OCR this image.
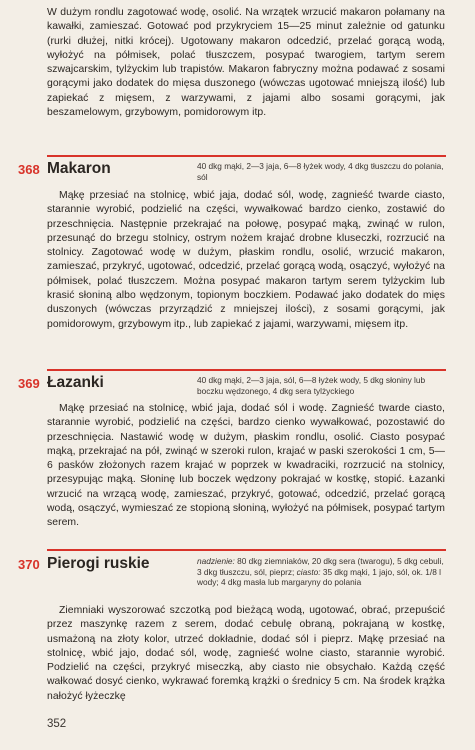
W dużym rondlu zagotować wodę, osolić. Na wrzątek wrzucić makaron połamany na kawałki, zamieszać. Gotować pod przykryciem 15—25 minut zależnie od gatunku (rurki dłużej, nitki krócej). Ugotowany makaron odcedzić, przelać gorącą wodą, wyłożyć na półmisek, polać tłuszczem, posypać twarogiem, tartym serem szwajcarskim, tylżyckim lub trapistów. Makaron fabryczny można podawać z sosami gorącymi jako dodatek do mięsa duszonego (wówczas ugotować mniejszą ilość) lub zapiekać z mięsem, z warzywami, z jajami albo sosami gorącymi, jak beszamelowym, grzybowym, pomidorowym itp.

368 Makaron	40 dkg mąki, 2—3 jaja, 6—8 łyżek wody, 4 dkg tłuszczu do polania, sól

Mąkę przesiać na stolnicę, wbić jaja, dodać sól, wodę, zagnieść twarde ciasto, starannie wyrobić, podzielić na części, wywałkować bardzo cienko, zostawić do przeschnięcia. Następnie przekrajać na połowę, posypać mąką, zwinąć w rulon, przesunąć do brzegu stolnicy, ostrym nożem krajać drobne kluseczki, rozrzucić na stolnicy. Zagotować wodę w dużym, płaskim rondlu, osolić, wrzucić makaron, zamieszać, przykryć, ugotować, odcedzić, przelać gorącą wodą, osączyć, wyłożyć na półmisek, polać tłuszczem. Można posypać makaron tartym serem tylżyckim lub krasić słoniną albo wędzonym, topionym boczkiem. Podawać jako dodatek do mięs duszonych (wówczas przyrządzić z mniejszej ilości), z sosami gorącymi, jak pomidorowym, grzybowym itp., lub zapiekać z jajami, warzywami, mięsem itp.

369 Łazanki	40 dkg mąki, 2—3 jaja, sól, 6—8 łyżek wody, 5 dkg słoniny lub boczku wędzonego, 4 dkg sera tylżyckiego

Mąkę przesiać na stolnicę, wbić jaja, dodać sól i wodę. Zagnieść twarde ciasto, starannie wyrobić, podzielić na części, bardzo cienko wywałkować, pozostawić do przeschnięcia. Nastawić wodę w dużym, płaskim rondlu, osolić. Ciasto posypać mąką, przekrajać na pół, zwinąć w szeroki rulon, krajać w paski szerokości 1 cm, 5—6 pasków złożonych razem krajać w poprzek w kwadraciki, rozrzucić na stolnicy, przesypując mąką. Słoninę lub boczek wędzony pokrajać w kostkę, stopić. Łazanki wrzucić na wrzącą wodę, zamieszać, przykryć, gotować, odcedzić, przelać gorącą wodą, osączyć, wymieszać ze stopioną słoniną, wyłożyć na półmisek, posypać tartym serem.

370 Pierogi ruskie	nadzienie: 80 dkg ziemniaków, 20 dkg sera (twarogu), 5 dkg cebuli, 3 dkg tłuszczu, sól, pieprz; ciasto: 35 dkg mąki, 1 jajo, sól, ok. 1/8 l wody; 4 dkg masła lub margaryny do polania

Ziemniaki wyszorować szczotką pod bieżącą wodą, ugotować, obrać, przepuścić przez maszynkę razem z serem, dodać cebulę obraną, pokrajaną w kostkę, usmażoną na złoty kolor, utrzeć dokładnie, dodać sól i pieprz. Mąkę przesiać na stolnicę, wbić jajo, dodać sól, wodę, zagnieść wolne ciasto, starannie wyrobić. Podzielić na części, przykryć miseczką, aby ciasto nie obsychało. Każdą część wałkować dosyć cienko, wykrawać foremką krążki o średnicy 5 cm. Na środek krążka nałożyć łyżeczkę

352
